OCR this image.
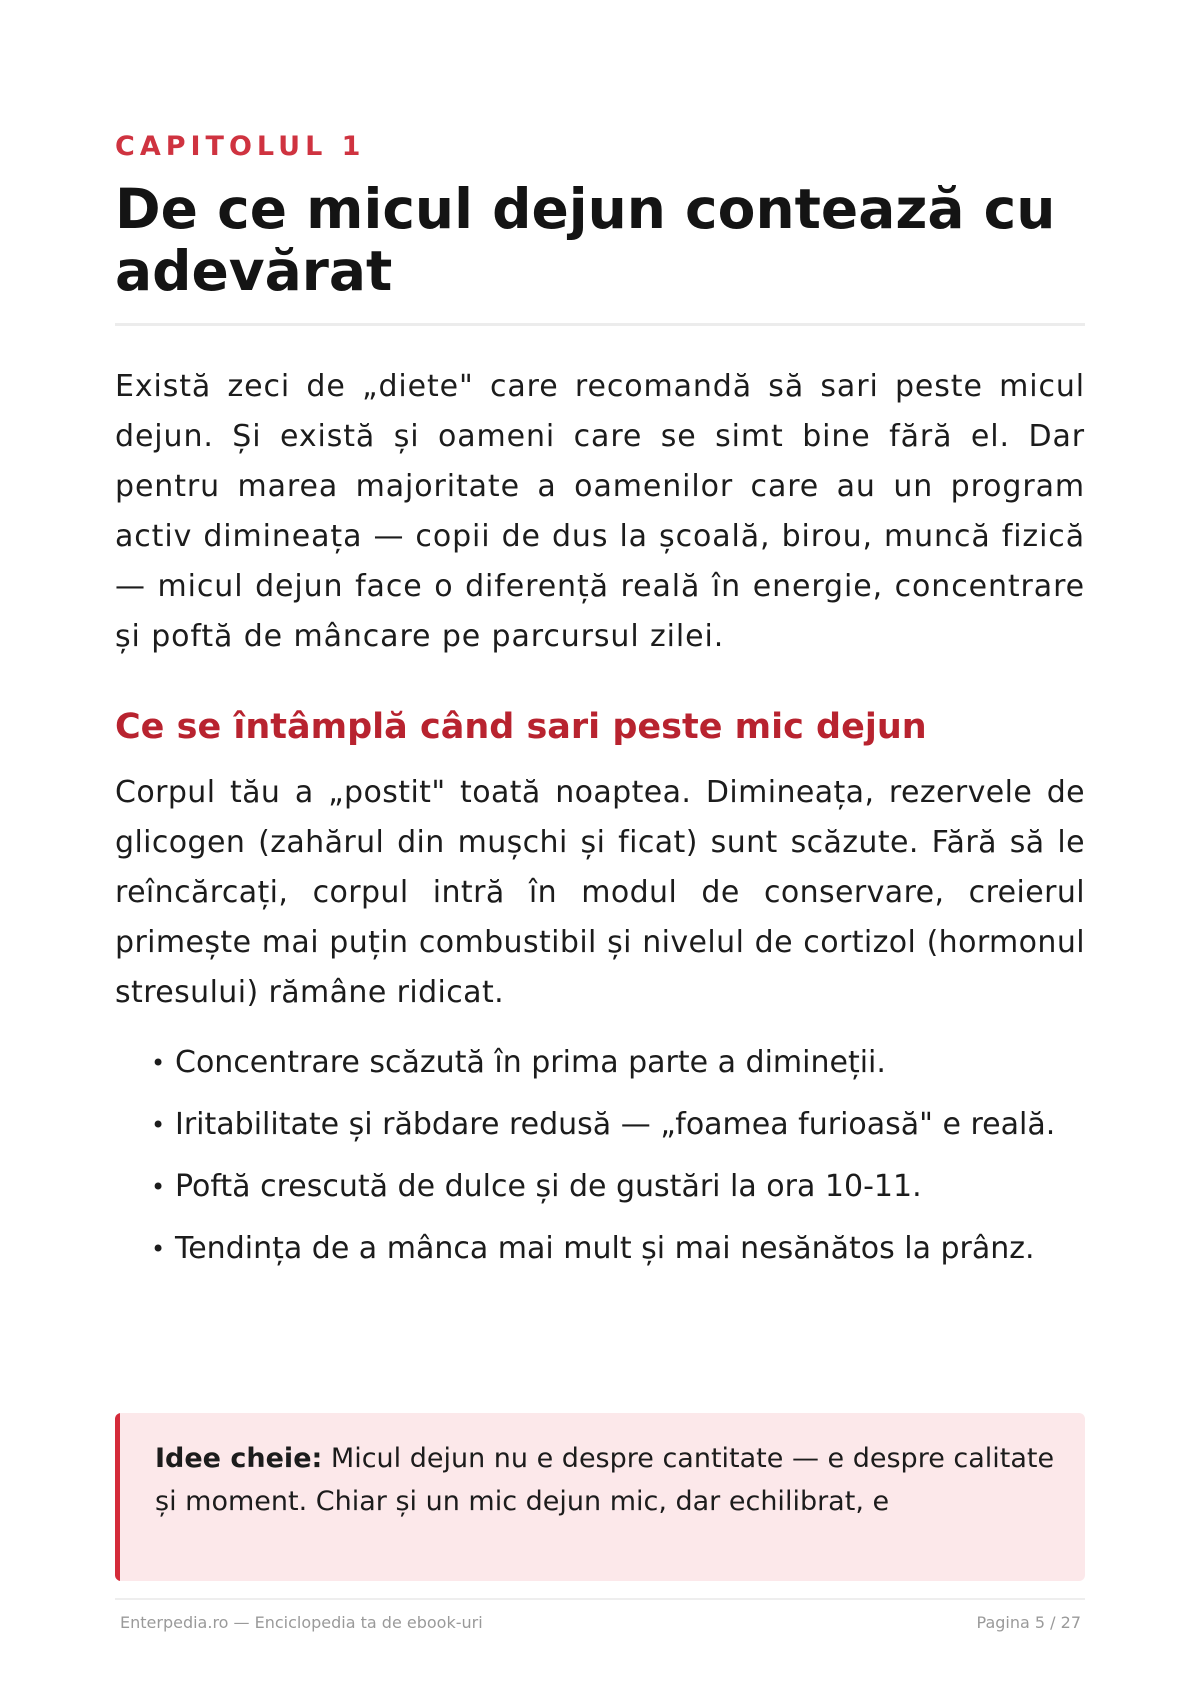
CAPITOLUL 1
De ce micul dejun contează cu
adevărat

Există zeci de „diete" care recomandă să sari peste micul dejun. Și există și oameni care se simt bine fără el. Dar pentru marea majoritate a oamenilor care au un program activ dimineața — copii de dus la școală, birou, muncă fizică — micul dejun face o diferență reală în energie, concentrare și poftă de mâncare pe parcursul zilei.

Ce se întâmplă când sari peste mic dejun

Corpul tău a „postit" toată noaptea. Dimineața, rezervele de glicogen (zahărul din mușchi și ficat) sunt scăzute. Fără să le reîncărcați, corpul intră în modul de conservare, creierul primește mai puțin combustibil și nivelul de cortizol (hormonul stresului) rămâne ridicat.

• Concentrare scăzută în prima parte a dimineții.
• Iritabilitate și răbdare redusă — „foamea furioasă" e reală.
• Poftă crescută de dulce și de gustări la ora 10-11.
• Tendința de a mânca mai mult și mai nesănătos la prânz.

Idee cheie: Micul dejun nu e despre cantitate — e despre calitate și moment. Chiar și un mic dejun mic, dar echilibrat, e

Enterpedia.ro — Enciclopedia ta de ebook-uri	Pagina 5 / 27
